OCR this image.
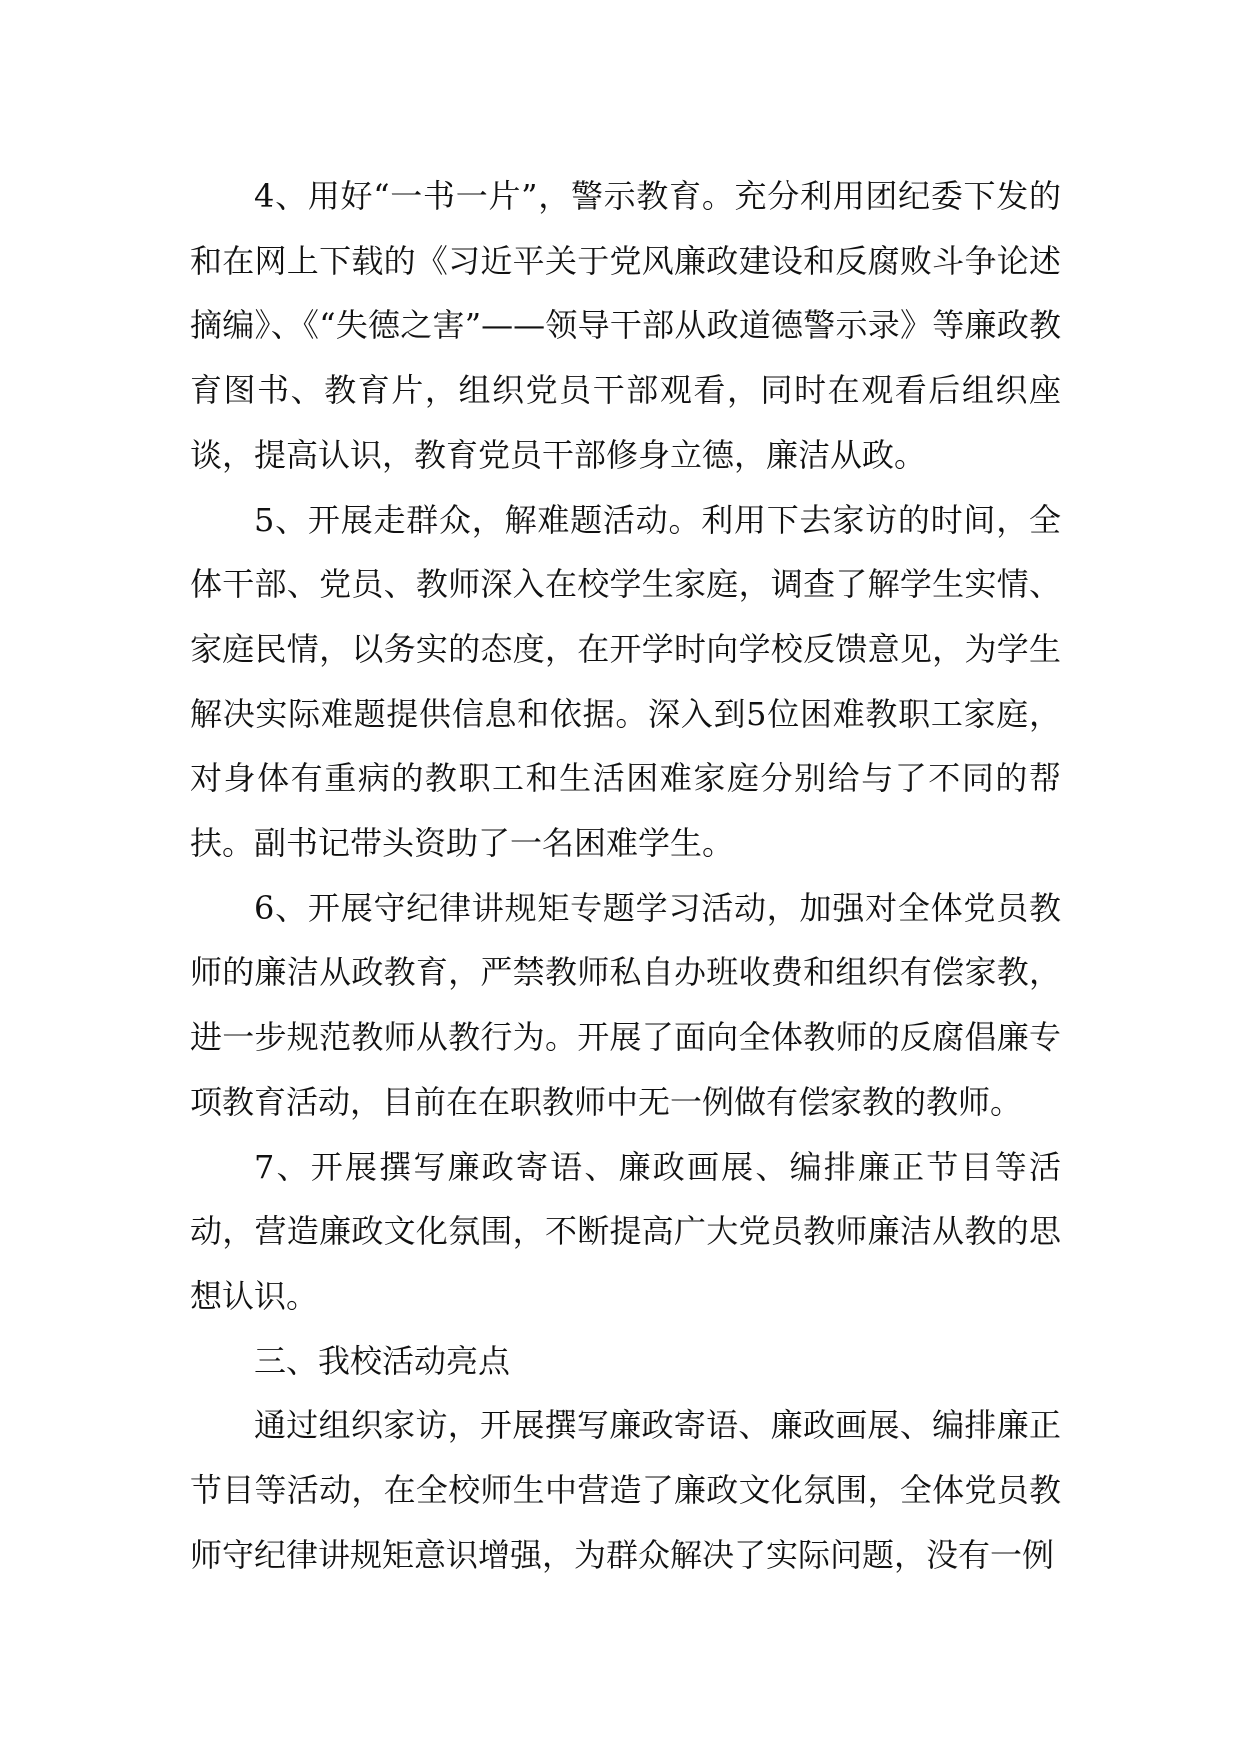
4、用好“一书一片”，警示教育。充分利用团纪委下发的和在网上下载的《习近平关于党风廉政建设和反腐败斗争论述摘编》、《“失德之害”——领导干部从政道德警示录》等廉政教育图书、教育片，组织党员干部观看，同时在观看后组织座谈，提高认识，教育党员干部修身立德，廉洁从政。

5、开展走群众，解难题活动。利用下去家访的时间，全体干部、党员、教师深入在校学生家庭，调查了解学生实情、家庭民情，以务实的态度，在开学时向学校反馈意见，为学生解决实际难题提供信息和依据。深入到5位困难教职工家庭，对身体有重病的教职工和生活困难家庭分别给与了不同的帮扶。副书记带头资助了一名困难学生。

6、开展守纪律讲规矩专题学习活动，加强对全体党员教师的廉洁从政教育，严禁教师私自办班收费和组织有偿家教，进一步规范教师从教行为。开展了面向全体教师的反腐倡廉专项教育活动，目前在在职教师中无一例做有偿家教的教师。

7、开展撰写廉政寄语、廉政画展、编排廉正节目等活动，营造廉政文化氛围，不断提高广大党员教师廉洁从教的思想认识。

三、我校活动亮点

通过组织家访，开展撰写廉政寄语、廉政画展、编排廉正节目等活动，在全校师生中营造了廉政文化氛围，全体党员教师守纪律讲规矩意识增强，为群众解决了实际问题，没有一例
